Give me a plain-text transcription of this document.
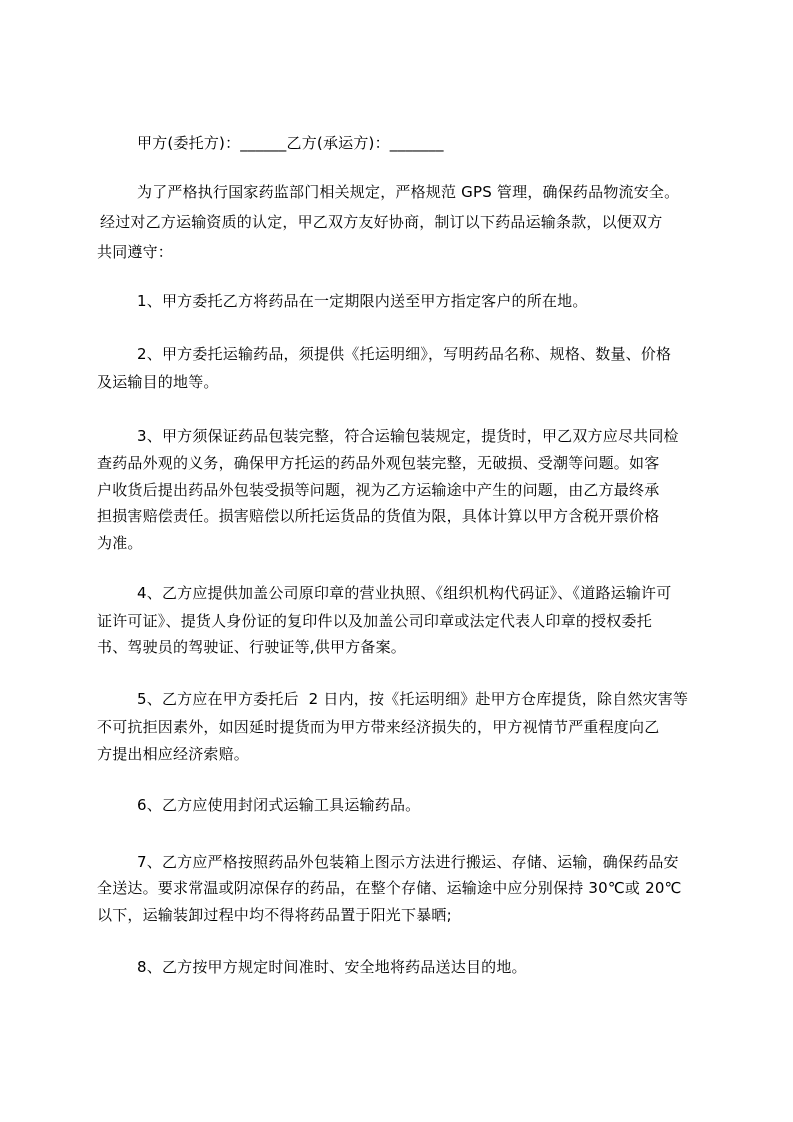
甲方(委托方)：______乙方(承运方)：_______
为了严格执行国家药监部门相关规定，严格规范 GPS 管理，确保药品物流安全。
经过对乙方运输资质的认定，甲乙双方友好协商，制订以下药品运输条款，以便双方
共同遵守：
1、甲方委托乙方将药品在一定期限内送至甲方指定客户的所在地。
2、甲方委托运输药品，须提供《托运明细》，写明药品名称、规格、数量、价格
及运输目的地等。
3、甲方须保证药品包装完整，符合运输包装规定，提货时，甲乙双方应尽共同检
查药品外观的义务，确保甲方托运的药品外观包装完整，无破损、受潮等问题。如客
户收货后提出药品外包装受损等问题，视为乙方运输途中产生的问题，由乙方最终承
担损害赔偿责任。损害赔偿以所托运货品的货值为限，具体计算以甲方含税开票价格
为准。
4、乙方应提供加盖公司原印章的营业执照、《组织机构代码证》、《道路运输许可
证许可证》、提货人身份证的复印件以及加盖公司印章或法定代表人印章的授权委托
书、驾驶员的驾驶证、行驶证等,供甲方备案。
5、乙方应在甲方委托后  2 日内，按《托运明细》赴甲方仓库提货，除自然灾害等
不可抗拒因素外，如因延时提货而为甲方带来经济损失的，甲方视情节严重程度向乙
方提出相应经济索赔。
6、乙方应使用封闭式运输工具运输药品。
7、乙方应严格按照药品外包装箱上图示方法进行搬运、存储、运输，确保药品安
全送达。要求常温或阴凉保存的药品，在整个存储、运输途中应分别保持 30℃或 20℃
以下，运输装卸过程中均不得将药品置于阳光下暴晒;
8、乙方按甲方规定时间准时、安全地将药品送达目的地。
